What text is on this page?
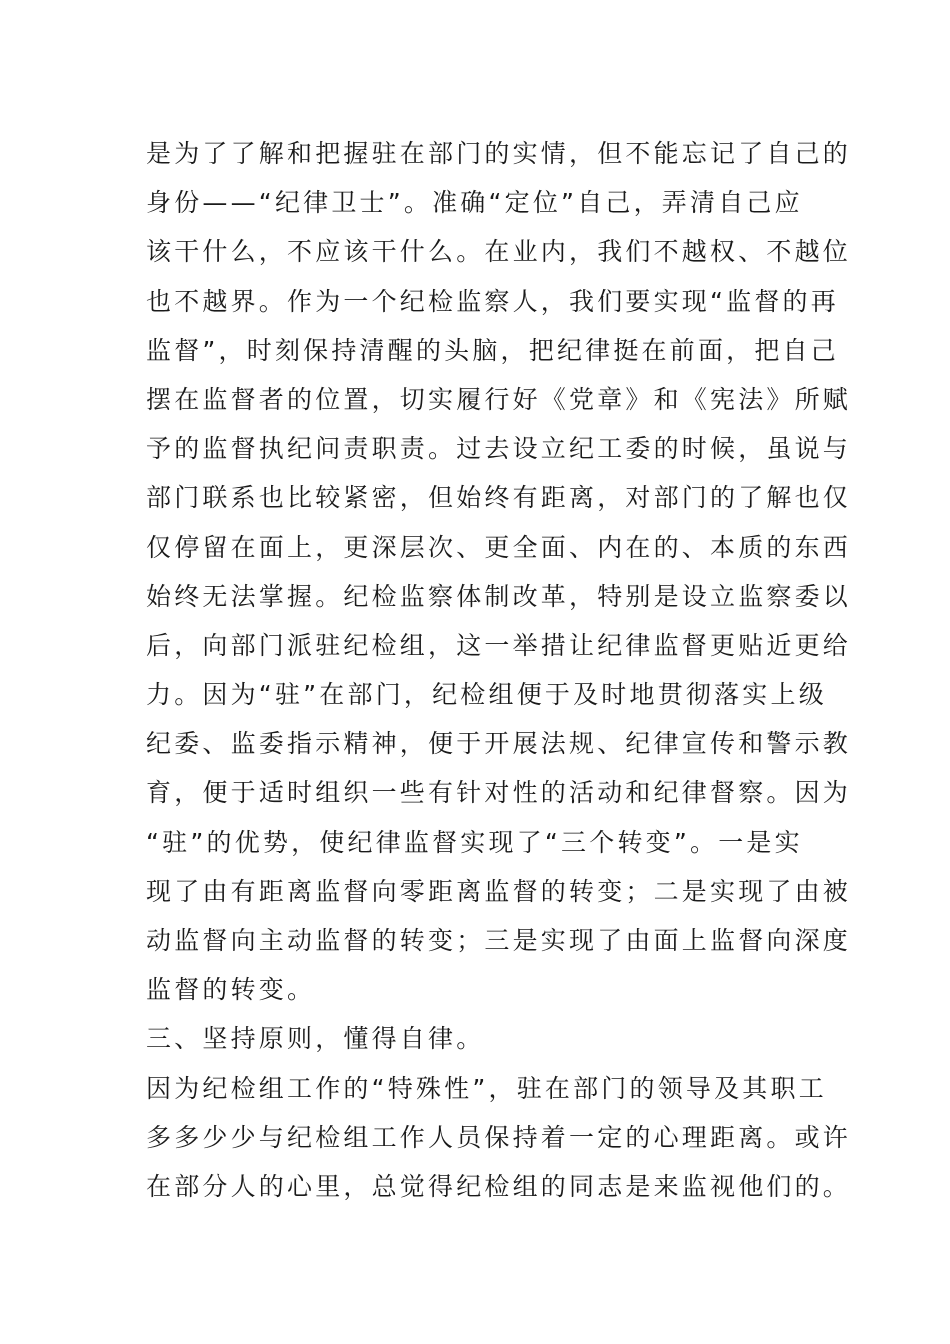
是为了了解和把握驻在部门的实情，但不能忘记了自己的
身份——“纪律卫士”。准确“定位”自己，弄清自己应
该干什么，不应该干什么。在业内，我们不越权、不越位
也不越界。作为一个纪检监察人，我们要实现“监督的再
监督”，时刻保持清醒的头脑，把纪律挺在前面，把自己
摆在监督者的位置，切实履行好《党章》和《宪法》所赋
予的监督执纪问责职责。过去设立纪工委的时候，虽说与
部门联系也比较紧密，但始终有距离，对部门的了解也仅
仅停留在面上，更深层次、更全面、内在的、本质的东西
始终无法掌握。纪检监察体制改革，特别是设立监察委以
后，向部门派驻纪检组，这一举措让纪律监督更贴近更给
力。因为“驻”在部门，纪检组便于及时地贯彻落实上级
纪委、监委指示精神，便于开展法规、纪律宣传和警示教
育，便于适时组织一些有针对性的活动和纪律督察。因为
“驻”的优势，使纪律监督实现了“三个转变”。一是实
现了由有距离监督向零距离监督的转变；二是实现了由被
动监督向主动监督的转变；三是实现了由面上监督向深度
监督的转变。
三、坚持原则，懂得自律。
因为纪检组工作的“特殊性”，驻在部门的领导及其职工
多多少少与纪检组工作人员保持着一定的心理距离。或许
在部分人的心里，总觉得纪检组的同志是来监视他们的。
